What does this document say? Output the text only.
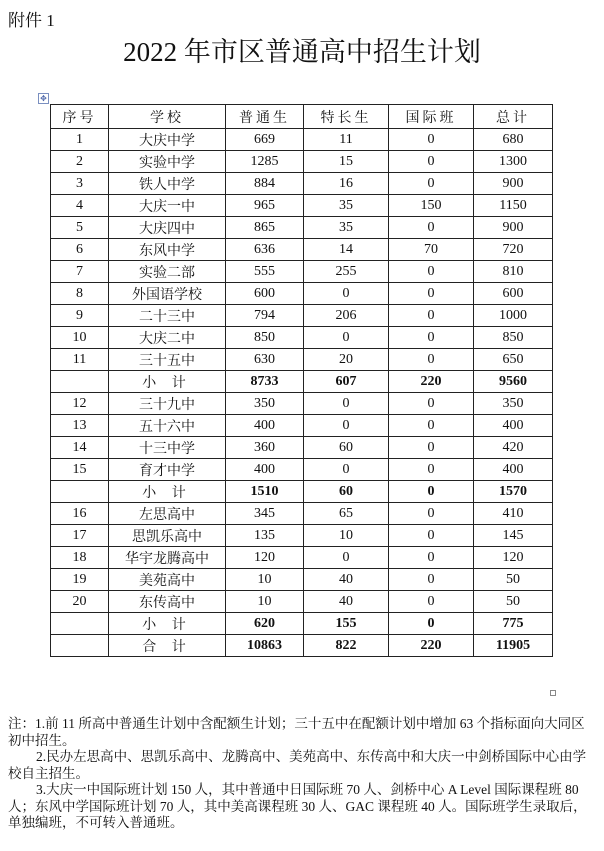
附件 1
2022 年市区普通高中招生计划
✥
序号	学校	普通生	特长生	国际班	总计
1	大庆中学	669	11	0	680
2	实验中学	1285	15	0	1300
3	铁人中学	884	16	0	900
4	大庆一中	965	35	150	1150
5	大庆四中	865	35	0	900
6	东风中学	636	14	70	720
7	实验二部	555	255	0	810
8	外国语学校	600	0	0	600
9	二十三中	794	206	0	1000
10	大庆二中	850	0	0	850
11	三十五中	630	20	0	650
	小 计	8733	607	220	9560
12	三十九中	350	0	0	350
13	五十六中	400	0	0	400
14	十三中学	360	60	0	420
15	育才中学	400	0	0	400
	小 计	1510	60	0	1570
16	左思高中	345	65	0	410
17	思凯乐高中	135	10	0	145
18	华宇龙腾高中	120	0	0	120
19	美苑高中	10	40	0	50
20	东传高中	10	40	0	50
	小 计	620	155	0	775
	合 计	10863	822	220	11905

注：1.前 11 所高中普通生计划中含配额生计划；三十五中在配额计划中增加 63 个指标面向大同区初中招生。

2.民办左思高中、思凯乐高中、龙腾高中、美苑高中、东传高中和大庆一中剑桥国际中心由学校自主招生。

3.大庆一中国际班计划 150 人，其中普通中日国际班 70 人、剑桥中心 A Level 国际课程班 80 人；东风中学国际班计划 70 人，其中美高课程班 30 人、GAC 课程班 40 人。国际班学生录取后，单独编班，不可转入普通班。
